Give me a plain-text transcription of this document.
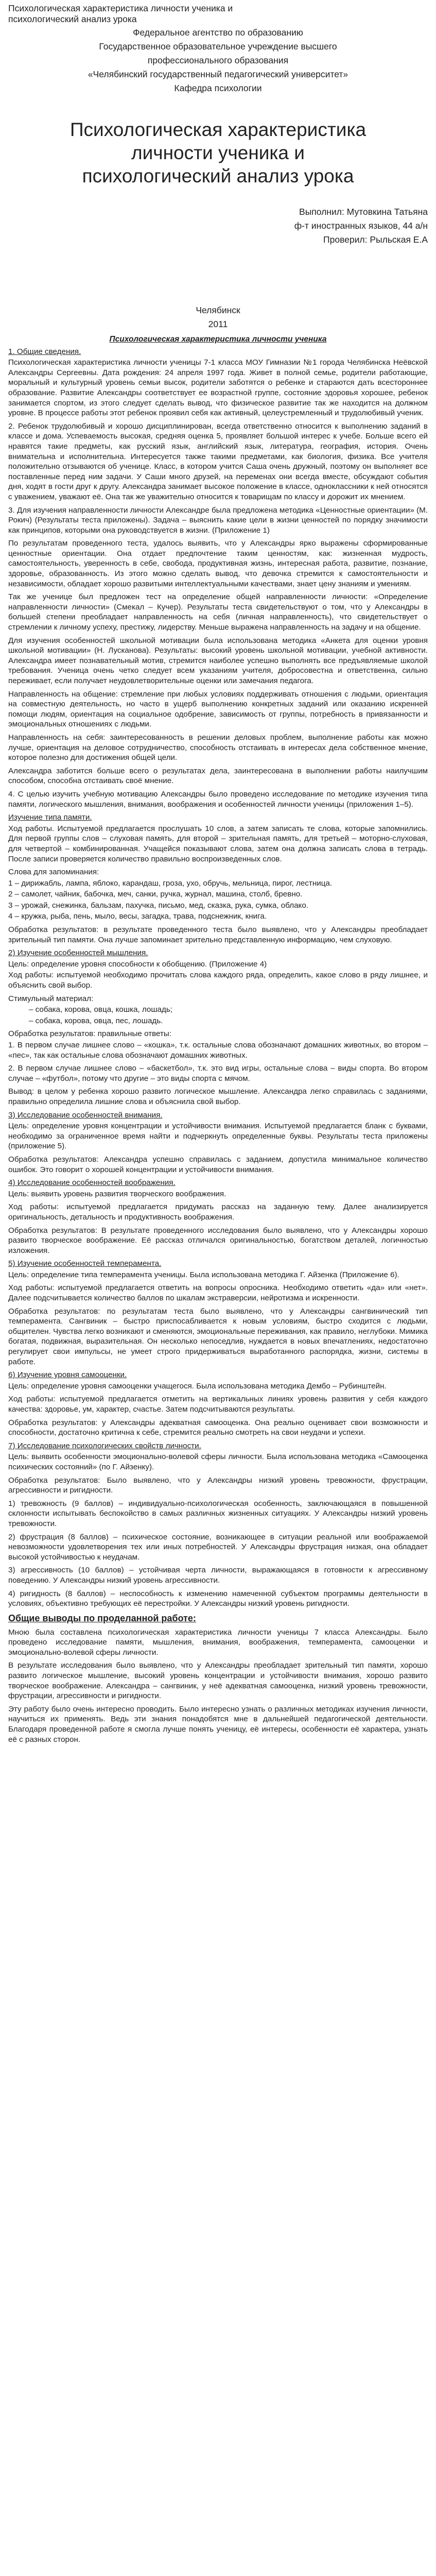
Психологическая характеристика личности ученика и
психологический анализ урока

Федеральное агентство по образованию

Государственное образовательное учреждение высшего

профессионального образования

«Челябинский государственный педагогический университет»

Кафедра психологии

Психологическая характеристика личности ученика и психологический анализ урока

Выполнил: Мутовкина Татьяна

ф-т иностранных языков, 44 а/н

Проверил: Рыльская Е.А

Челябинск

2011

Психологическая характеристика личности ученика
1. Общие сведения.

Психологическая характеристика личности ученицы 7-1 класса МОУ Гимназии №1 города Челябинска Неёвской Александры Сергеевны. Дата рождения: 24 апреля 1997 года. Живет в полной семье, родители работающие, моральный и культурный уровень семьи высок, родители заботятся о ребенке и стараются дать всестороннее образование. Развитие Александры соответствует ее возрастной группе, состояние здоровья хорошее, ребенок занимается спортом, из этого следует сделать вывод, что физическое развитие так же находится на должном уровне. В процессе работы этот ребенок проявил себя как активный, целеустремленный и трудолюбивый ученик.

2. Ребенок трудолюбивый и хорошо дисциплинирован, всегда ответственно относится к выполнению заданий в классе и дома. Успеваемость высокая, средняя оценка 5, проявляет большой интерес к учебе. Больше всего ей нравятся такие предметы, как русский язык, английский язык, литература, география, история. Очень внимательна и исполнительна. Интересуется также такими предметами, как биология, физика. Все учителя положительно отзываются об ученице. Класс, в котором учится Саша очень дружный, поэтому он выполняет все поставленные перед ним задачи. У Саши много друзей, на переменах они всегда вместе, обсуждают события дня, ходят в гости друг к другу. Александра занимает высокое положение в классе, одноклассники к ней относятся с уважением, уважают её. Она так же уважительно относится к товарищам по классу и дорожит их мнением.

3. Для изучения направленности личности Александре была предложена методика «Ценностные ориентации» (М. Рокич) (Результаты теста приложены). Задача – выяснить какие цели в жизни ценностей по порядку значимости как принципов, которыми она руководствуется в жизни. (Приложение 1)

По результатам проведенного теста, удалось выявить, что у Александры ярко выражены сформированные ценностные ориентации. Она отдает предпочтение таким ценностям, как: жизненная мудрость, самостоятельность, уверенность в себе, свобода, продуктивная жизнь, интересная работа, развитие, познание, здоровье, образованность. Из этого можно сделать вывод, что девочка стремится к самостоятельности и независимости, обладает хорошо развитыми интеллектуальными качествами, знает цену знаниям и умениям.

Так же ученице был предложен тест на определение общей направленности личности: «Определение направленности личности» (Смекал – Кучер). Результаты теста свидетельствуют о том, что у Александры в большей степени преобладает направленность на себя (личная направленность), что свидетельствует о стремлении к личному успеху, престижу, лидерству. Меньше выражена направленность на задачу и на общение.

Для изучения особенностей школьной мотивации была использована методика «Анкета для оценки уровня школьной мотивации» (Н. Лусканова). Результаты: высокий уровень школьной мотивации, учебной активности. Александра имеет познавательный мотив, стремится наиболее успешно выполнять все предъявляемые школой требования. Ученица очень четко следует всем указаниям учителя, добросовестна и ответственна, сильно переживает, если получает неудовлетворительные оценки или замечания педагога.

Направленность на общение: стремление при любых условиях поддерживать отношения с людьми, ориентация на совместную деятельность, но часто в ущерб выполнению конкретных заданий или оказанию искренней помощи людям, ориентация на социальное одобрение, зависимость от группы, потребность в привязанности и эмоциональных отношениях с людьми.

Направленность на себя: заинтересованность в решении деловых проблем, выполнение работы как можно лучше, ориентация на деловое сотрудничество, способность отстаивать в интересах дела собственное мнение, которое полезно для достижения общей цели.

Александра заботится больше всего о результатах дела, заинтересована в выполнении работы наилучшим способом, способна отстаивать своё мнение.

4. С целью изучить учебную мотивацию Александры было проведено исследование по методике изучения типа памяти, логического мышления, внимания, воображения и особенностей личности ученицы (приложения 1–5).

Изучение типа памяти.

Ход работы. Испытуемой предлагается прослушать 10 слов, а затем записать те слова, которые запомнились. Для первой группы слов – слуховая память, для второй – зрительная память, для третьей – моторно-слуховая, для четвертой – комбинированная. Учащейся показывают слова, затем она должна записать слова в тетрадь. После записи проверяется количество правильно воспроизведенных слов.

Слова для запоминания:

1 – дирижабль, лампа, яблоко, карандаш, гроза, ухо, обручь, мельница, пирог, лестница.

2 – самолет, чайник, бабочка, меч, санки, ручка, журнал, машина, столб, бревно.

3 – урожай, снежинка, бальзам, пахучка, письмо, мед, сказка, рука, сумка, облако.

4 – кружка, рыба, пень, мыло, весы, загадка, трава, подснежник, книга.

Обработка результатов: в результате проведенного теста было выявлено, что у Александры преобладает зрительный тип памяти. Она лучше запоминает зрительно представленную информацию, чем слуховую.

2) Изучение особенностей мышления.

Цель: определение уровня способности к обобщению. (Приложение 4)

Ход работы: испытуемой необходимо прочитать слова каждого ряда, определить, какое слово в ряду лишнее, и объяснить свой выбор.

Стимульный материал:

– собака, корова, овца, кошка, лошадь;

– собака, корова, овца, пес, лошадь.

Обработка результатов: правильные ответы:

1. В первом случае лишнее слово – «кошка», т.к. остальные слова обозначают домашних животных, во втором – «пес», так как остальные слова обозначают домашних животных.

2. В первом случае лишнее слово – «баскетбол», т.к. это вид игры, остальные слова – виды спорта. Во втором случае – «футбол», потому что другие – это виды спорта с мячом.

Вывод: в целом у ребенка хорошо развито логическое мышление. Александра легко справилась с заданиями, правильно определила лишние слова и объяснила свой выбор.

3) Исследование особенностей внимания.

Цель: определение уровня концентрации и устойчивости внимания. Испытуемой предлагается бланк с буквами, необходимо за ограниченное время найти и подчеркнуть определенные буквы. Результаты теста приложены (приложение 5).

Обработка результатов: Александра успешно справилась с заданием, допустила минимальное количество ошибок. Это говорит о хорошей концентрации и устойчивости внимания.

4) Исследование особенностей воображения.

Цель: выявить уровень развития творческого воображения.

Ход работы: испытуемой предлагается придумать рассказ на заданную тему. Далее анализируется оригинальность, детальность и продуктивность воображения.

Обработка результатов: В результате проведенного исследования было выявлено, что у Александры хорошо развито творческое воображение. Её рассказ отличался оригинальностью, богатством деталей, логичностью изложения.

5) Изучение особенностей темперамента.

Цель: определение типа темперамента ученицы. Была использована методика Г. Айзенка (Приложение 6).

Ход работы: испытуемой предлагается ответить на вопросы опросника. Необходимо ответить «да» или «нет». Далее подсчитывается количество баллов по шкалам экстраверсии, нейротизма и искренности.

Обработка результатов: по результатам теста было выявлено, что у Александры сангвинический тип темперамента. Сангвиник – быстро приспосабливается к новым условиям, быстро сходится с людьми, общителен. Чувства легко возникают и сменяются, эмоциональные переживания, как правило, неглубоки. Мимика богатая, подвижная, выразительная. Он несколько непоседлив, нуждается в новых впечатлениях, недостаточно регулирует свои импульсы, не умеет строго придерживаться выработанного распорядка, жизни, системы в работе.

6) Изучение уровня самооценки.

Цель: определение уровня самооценки учащегося. Была использована методика Дембо – Рубинштейн.

Ход работы: испытуемой предлагается отметить на вертикальных линиях уровень развития у себя каждого качества: здоровье, ум, характер, счастье. Затем подсчитываются результаты.

Обработка результатов: у Александры адекватная самооценка. Она реально оценивает свои возможности и способности, достаточно критична к себе, стремится реально смотреть на свои неудачи и успехи.

7) Исследование психологических свойств личности.

Цель: выявить особенности эмоционально-волевой сферы личности. Была использована методика «Самооценка психических состояний» (по Г. Айзенку).

Обработка результатов: Было выявлено, что у Александры низкий уровень тревожности, фрустрации, агрессивности и ригидности.

1) тревожность (9 баллов) – индивидуально-психологическая особенность, заключающаяся в повышенной склонности испытывать беспокойство в самых различных жизненных ситуациях. У Александры низкий уровень тревожности.

2) фрустрация (8 баллов) – психическое состояние, возникающее в ситуации реальной или воображаемой невозможности удовлетворения тех или иных потребностей. У Александры фрустрация низкая, она обладает высокой устойчивостью к неудачам.

3) агрессивность (10 баллов) – устойчивая черта личности, выражающаяся в готовности к агрессивному поведению. У Александры низкий уровень агрессивности.

4) ригидность (8 баллов) – неспособность к изменению намеченной субъектом программы деятельности в условиях, объективно требующих её перестройки. У Александры низкий уровень ригидности.

Общие выводы по проделанной работе:

Мною была составлена психологическая характеристика личности ученицы 7 класса Александры. Было проведено исследование памяти, мышления, внимания, воображения, темперамента, самооценки и эмоционально-волевой сферы личности.

В результате исследования было выявлено, что у Александры преобладает зрительный тип памяти, хорошо развито логическое мышление, высокий уровень концентрации и устойчивости внимания, хорошо развито творческое воображение. Александра – сангвиник, у неё адекватная самооценка, низкий уровень тревожности, фрустрации, агрессивности и ригидности.

Эту работу было очень интересно проводить. Было интересно узнать о различных методиках изучения личности, научиться их применять. Ведь эти знания понадобятся мне в дальнейшей педагогической деятельности. Благодаря проведенной работе я смогла лучше понять ученицу, её интересы, особенности её характера, узнать её с разных сторон.
